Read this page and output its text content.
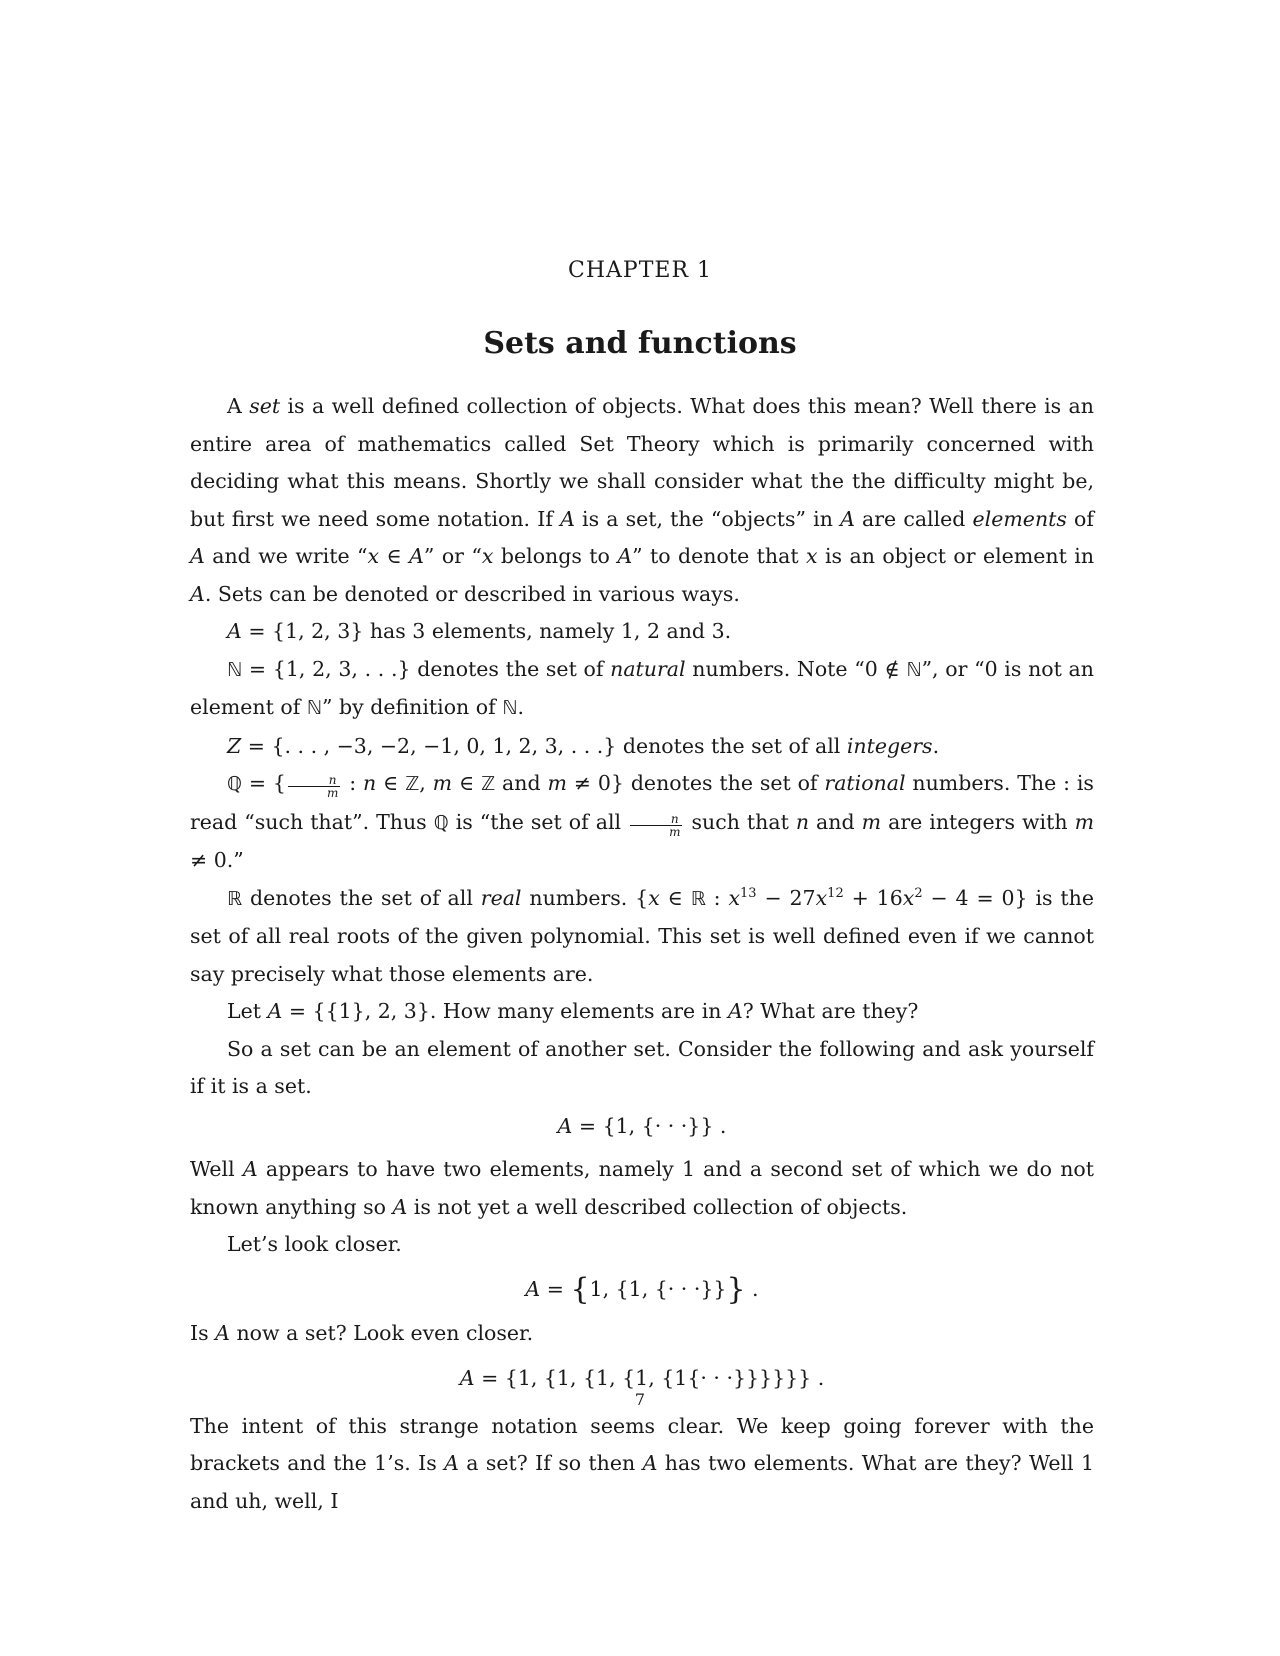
CHAPTER 1
Sets and functions

A set is a well defined collection of objects. What does this mean? Well there is an entire area of mathematics called Set Theory which is primarily concerned with deciding what this means. Shortly we shall consider what the the difficulty might be, but first we need some notation. If A is a set, the “objects” in A are called elements of A and we write “x ∈ A” or “x belongs to A” to denote that x is an object or element in A. Sets can be denoted or described in various ways.

A = {1, 2, 3} has 3 elements, namely 1, 2 and 3.

ℕ = {1, 2, 3, . . .} denotes the set of natural numbers. Note “0 ∉ ℕ”, or “0 is not an element of ℕ” by definition of ℕ.

Z = {. . . , −3, −2, −1, 0, 1, 2, 3, . . .} denotes the set of all integers.

ℚ = { $\frac{n}{m}$ : n ∈ ℤ, m ∈ ℤ and m ≠ 0} denotes the set of rational numbers. The : is read “such that”. Thus ℚ is “the set of all $\frac{n}{m}$ such that n and m are integers with m ≠ 0.”

ℝ denotes the set of all real numbers. {x ∈ ℝ : $x^{13} - 27x^{12} + 16x^2 - 4 = 0$} is the set of all real roots of the given polynomial. This set is well defined even if we cannot say precisely what those elements are.

Let A = {{1}, 2, 3}. How many elements are in A? What are they?

So a set can be an element of another set. Consider the following and ask yourself if it is a set.

A = {1, {· · ·}} .

Well A appears to have two elements, namely 1 and a second set of which we do not known anything so A is not yet a well described collection of objects.

Let’s look closer.

A = {1, {1, {· · ·}}} .

Is A now a set? Look even closer.

A = {1, {1, {1, {1, {1{· · ·}}}}}} .

The intent of this strange notation seems clear. We keep going forever with the brackets and the 1’s. Is A a set? If so then A has two elements. What are they? Well 1 and uh, well, I

7
